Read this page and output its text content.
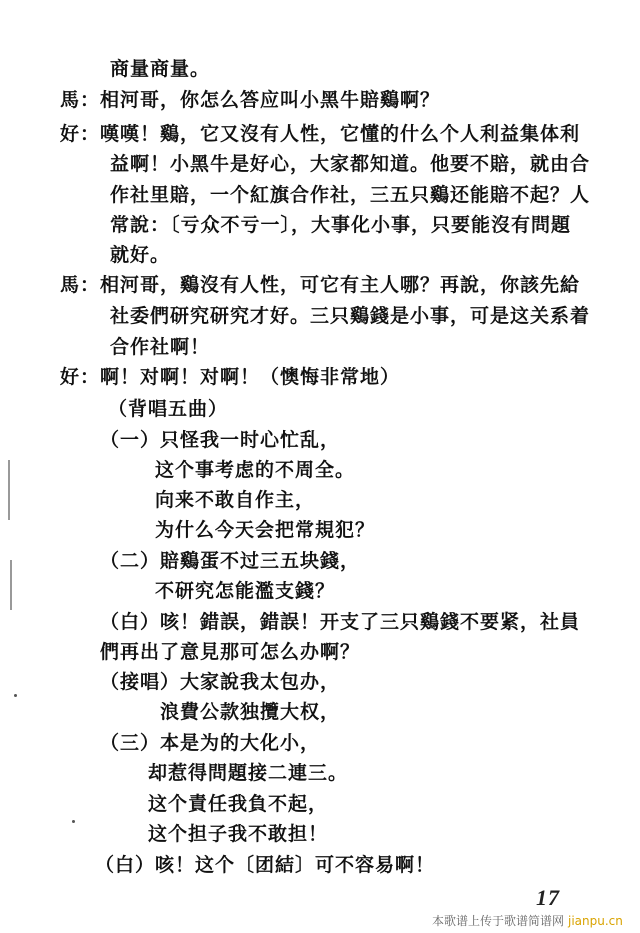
商量商量。
馬：相河哥，你怎么答应叫小黑牛賠鷄啊？
好：嘆嘆！鷄，它又沒有人性，它懂的什么个人利益集体利
益啊！小黑牛是好心，大家都知道。他要不賠，就由合
作社里賠，一个紅旗合作社，三五只鷄还能賠不起？人
常說：〔亏众不亏一〕，大事化小事，只要能沒有問題
就好。
馬：相河哥，鷄沒有人性，可它有主人哪？再說，你該先給
社委們研究研究才好。三只鷄錢是小事，可是这关系着
合作社啊！
好：啊！对啊！对啊！（懊悔非常地）
（背唱五曲）
（一）只怪我一时心忙乱，
这个事考虑的不周全。
向来不敢自作主，
为什么今天会把常規犯？
（二）賠鷄蛋不过三五块錢，
不研究怎能濫支錢？
（白）咳！錯誤，錯誤！开支了三只鷄錢不要紧，社員
們再出了意見那可怎么办啊？
（接唱）大家說我太包办，
浪費公款独攬大权，
（三）本是为的大化小，
却惹得問題接二連三。
这个責任我負不起，
这个担子我不敢担！
（白）咳！这个〔团結〕可不容易啊！
17
本歌谱上传于歌谱简谱网 jianpu.cn
